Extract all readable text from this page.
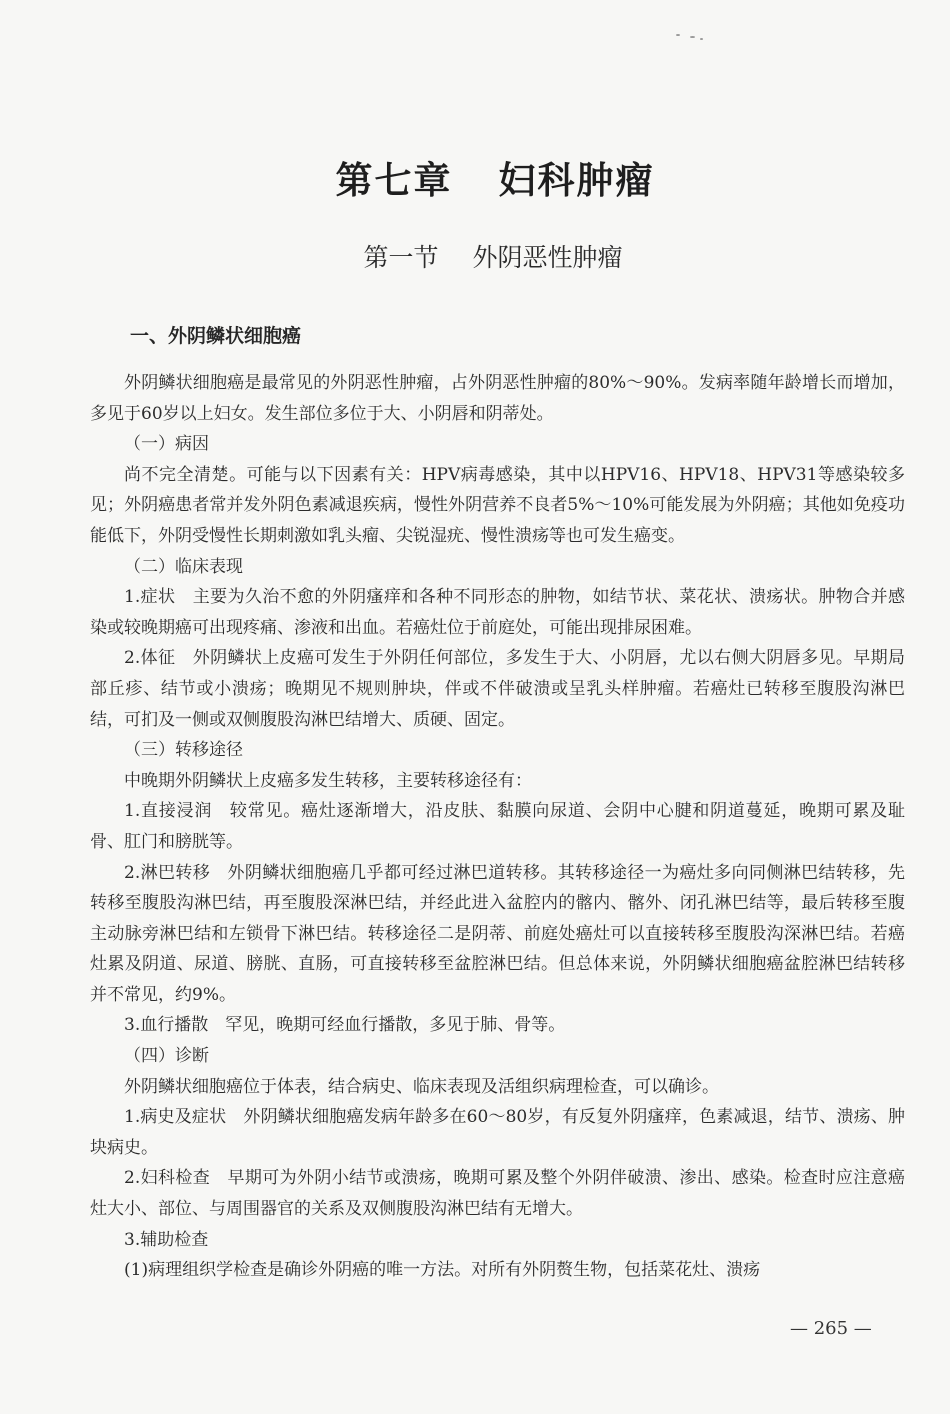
第七章 妇科肿瘤
第一节 外阴恶性肿瘤
一、外阴鳞状细胞癌

外阴鳞状细胞癌是最常见的外阴恶性肿瘤，占外阴恶性肿瘤的80%～90%。发病率随年龄增长而增加，多见于60岁以上妇女。发生部位多位于大、小阴唇和阴蒂处。

（一）病因

尚不完全清楚。可能与以下因素有关：HPV病毒感染，其中以HPV16、HPV18、HPV31等感染较多见；外阴癌患者常并发外阴色素减退疾病，慢性外阴营养不良者5%～10%可能发展为外阴癌；其他如免疫功能低下，外阴受慢性长期刺激如乳头瘤、尖锐湿疣、慢性溃疡等也可发生癌变。

（二）临床表现

1.症状　主要为久治不愈的外阴瘙痒和各种不同形态的肿物，如结节状、菜花状、溃疡状。肿物合并感染或较晚期癌可出现疼痛、渗液和出血。若癌灶位于前庭处，可能出现排尿困难。

2.体征　外阴鳞状上皮癌可发生于外阴任何部位，多发生于大、小阴唇，尤以右侧大阴唇多见。早期局部丘疹、结节或小溃疡；晚期见不规则肿块，伴或不伴破溃或呈乳头样肿瘤。若癌灶已转移至腹股沟淋巴结，可扪及一侧或双侧腹股沟淋巴结增大、质硬、固定。

（三）转移途径

中晚期外阴鳞状上皮癌多发生转移，主要转移途径有：

1.直接浸润　较常见。癌灶逐渐增大，沿皮肤、黏膜向尿道、会阴中心腱和阴道蔓延，晚期可累及耻骨、肛门和膀胱等。

2.淋巴转移　外阴鳞状细胞癌几乎都可经过淋巴道转移。其转移途径一为癌灶多向同侧淋巴结转移，先转移至腹股沟淋巴结，再至腹股深淋巴结，并经此进入盆腔内的髂内、髂外、闭孔淋巴结等，最后转移至腹主动脉旁淋巴结和左锁骨下淋巴结。转移途径二是阴蒂、前庭处癌灶可以直接转移至腹股沟深淋巴结。若癌灶累及阴道、尿道、膀胱、直肠，可直接转移至盆腔淋巴结。但总体来说，外阴鳞状细胞癌盆腔淋巴结转移并不常见，约9%。

3.血行播散　罕见，晚期可经血行播散，多见于肺、骨等。

（四）诊断

外阴鳞状细胞癌位于体表，结合病史、临床表现及活组织病理检查，可以确诊。

1.病史及症状　外阴鳞状细胞癌发病年龄多在60～80岁，有反复外阴瘙痒，色素减退，结节、溃疡、肿块病史。

2.妇科检查　早期可为外阴小结节或溃疡，晚期可累及整个外阴伴破溃、渗出、感染。检查时应注意癌灶大小、部位、与周围器官的关系及双侧腹股沟淋巴结有无增大。

3.辅助检查

(1)病理组织学检查是确诊外阴癌的唯一方法。对所有外阴赘生物，包括菜花灶、溃疡

— 265 —
